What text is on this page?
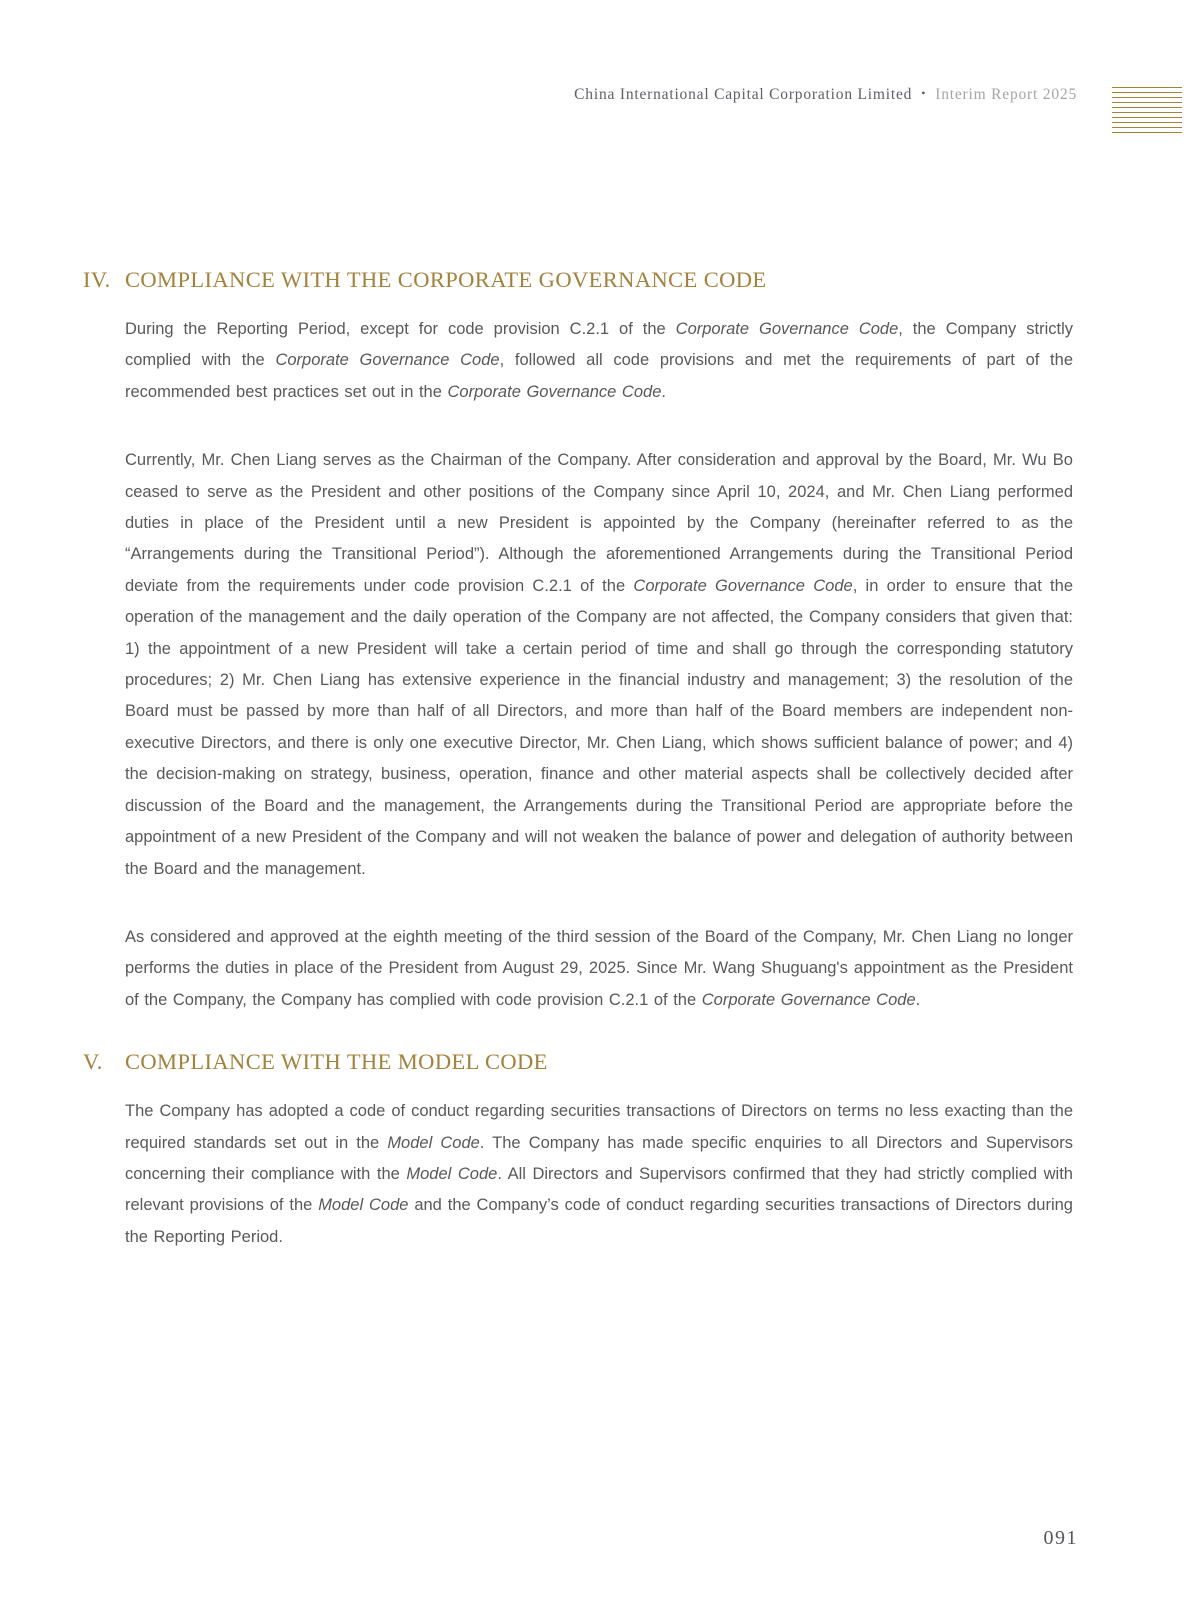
China International Capital Corporation Limited • Interim Report 2025
IV. COMPLIANCE WITH THE CORPORATE GOVERNANCE CODE

During the Reporting Period, except for code provision C.2.1 of the Corporate Governance Code, the Company strictly complied with the Corporate Governance Code, followed all code provisions and met the requirements of part of the recommended best practices set out in the Corporate Governance Code.

Currently, Mr. Chen Liang serves as the Chairman of the Company. After consideration and approval by the Board, Mr. Wu Bo ceased to serve as the President and other positions of the Company since April 10, 2024, and Mr. Chen Liang performed duties in place of the President until a new President is appointed by the Company (hereinafter referred to as the “Arrangements during the Transitional Period”). Although the aforementioned Arrangements during the Transitional Period deviate from the requirements under code provision C.2.1 of the Corporate Governance Code, in order to ensure that the operation of the management and the daily operation of the Company are not affected, the Company considers that given that: 1) the appointment of a new President will take a certain period of time and shall go through the corresponding statutory procedures; 2) Mr. Chen Liang has extensive experience in the financial industry and management; 3) the resolution of the Board must be passed by more than half of all Directors, and more than half of the Board members are independent non-executive Directors, and there is only one executive Director, Mr. Chen Liang, which shows sufficient balance of power; and 4) the decision-making on strategy, business, operation, finance and other material aspects shall be collectively decided after discussion of the Board and the management, the Arrangements during the Transitional Period are appropriate before the appointment of a new President of the Company and will not weaken the balance of power and delegation of authority between the Board and the management.

As considered and approved at the eighth meeting of the third session of the Board of the Company, Mr. Chen Liang no longer performs the duties in place of the President from August 29, 2025. Since Mr. Wang Shuguang's appointment as the President of the Company, the Company has complied with code provision C.2.1 of the Corporate Governance Code.

V. COMPLIANCE WITH THE MODEL CODE

The Company has adopted a code of conduct regarding securities transactions of Directors on terms no less exacting than the required standards set out in the Model Code. The Company has made specific enquiries to all Directors and Supervisors concerning their compliance with the Model Code. All Directors and Supervisors confirmed that they had strictly complied with relevant provisions of the Model Code and the Company’s code of conduct regarding securities transactions of Directors during the Reporting Period.

091
